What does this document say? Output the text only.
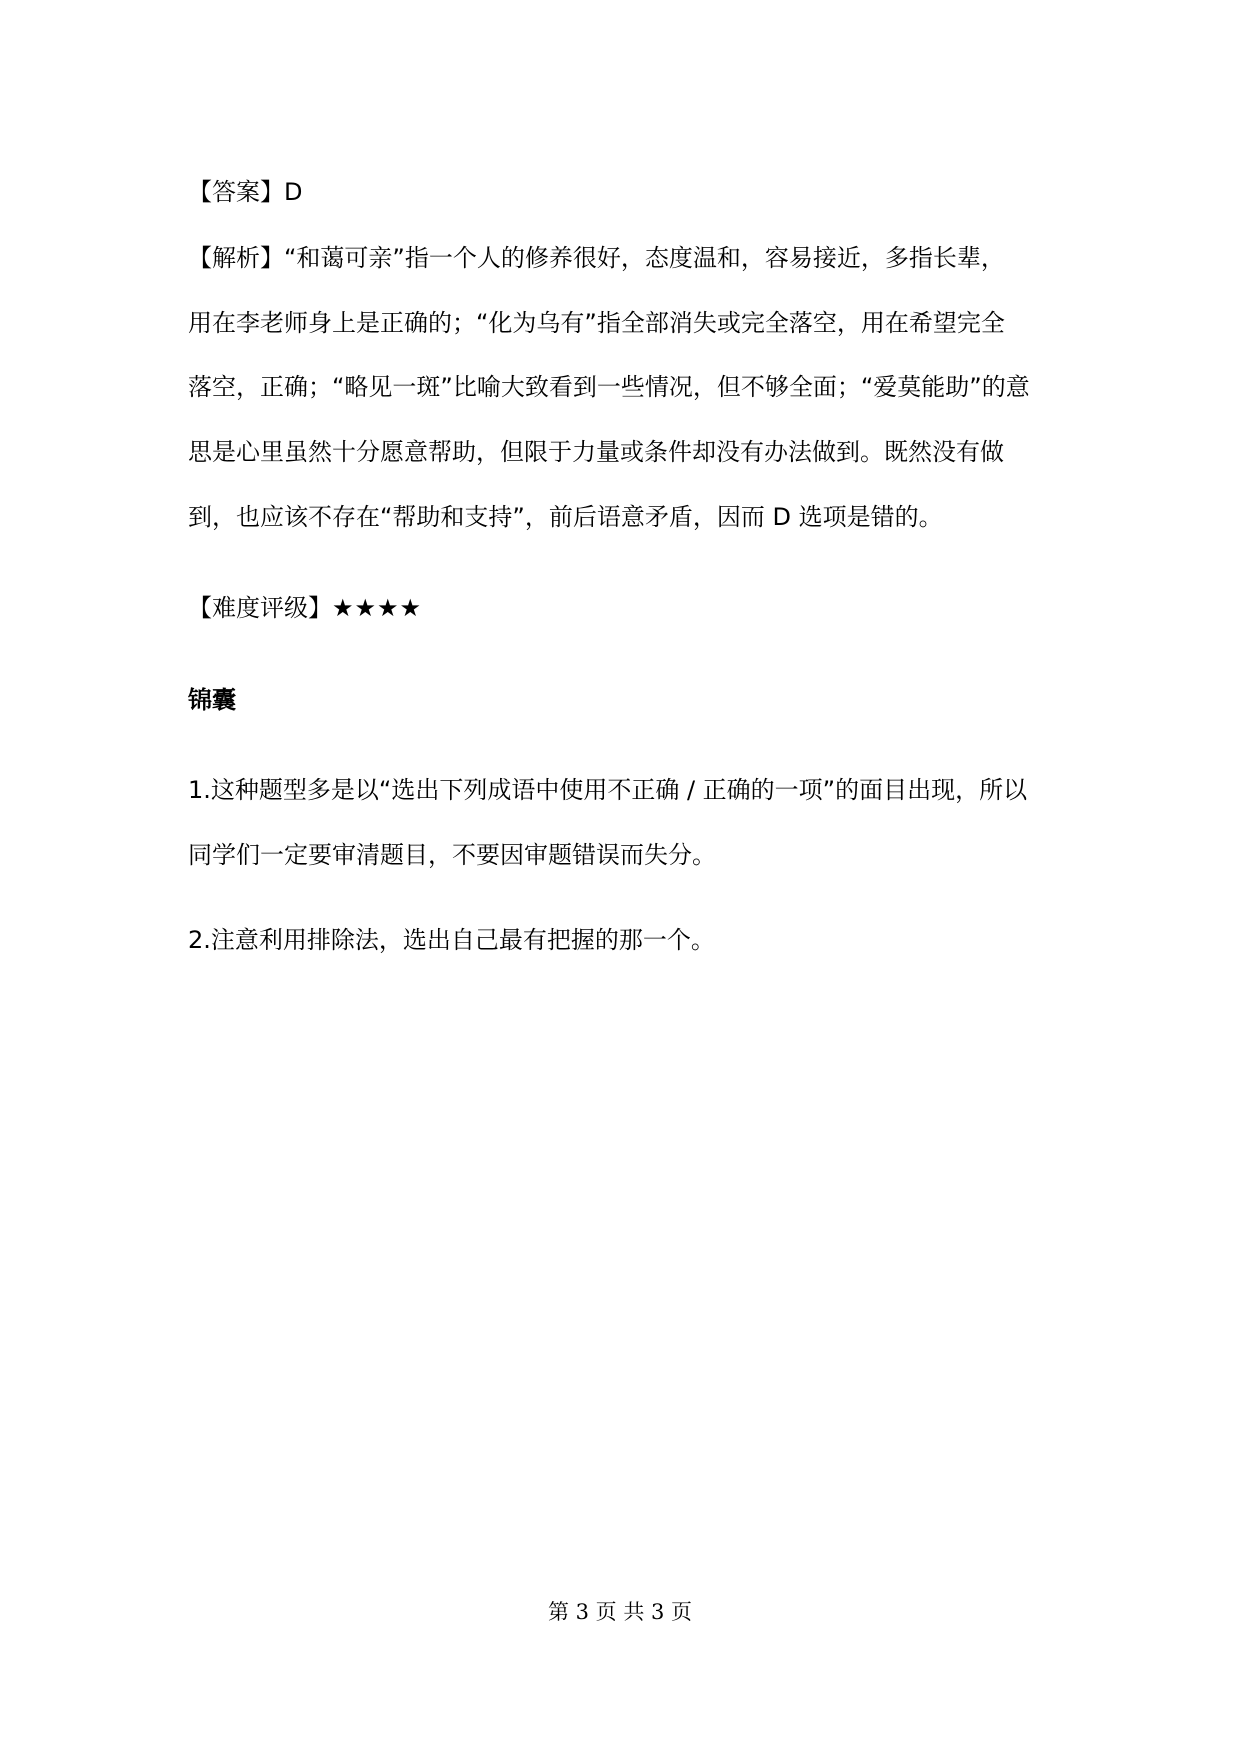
【答案】D
【解析】“和蔼可亲”指一个人的修养很好，态度温和，容易接近，多指长辈，
用在李老师身上是正确的；“化为乌有”指全部消失或完全落空，用在希望完全
落空，正确；“略见一斑”比喻大致看到一些情况，但不够全面；“爱莫能助”的意
思是心里虽然十分愿意帮助，但限于力量或条件却没有办法做到。既然没有做
到，也应该不存在“帮助和支持”，前后语意矛盾，因而 D 选项是错的。
【难度评级】★★★★
锦囊
1.这种题型多是以“选出下列成语中使用不正确 / 正确的一项”的面目出现，所以
同学们一定要审清题目，不要因审题错误而失分。
2.注意利用排除法，选出自己最有把握的那一个。
第 3 页 共 3 页
